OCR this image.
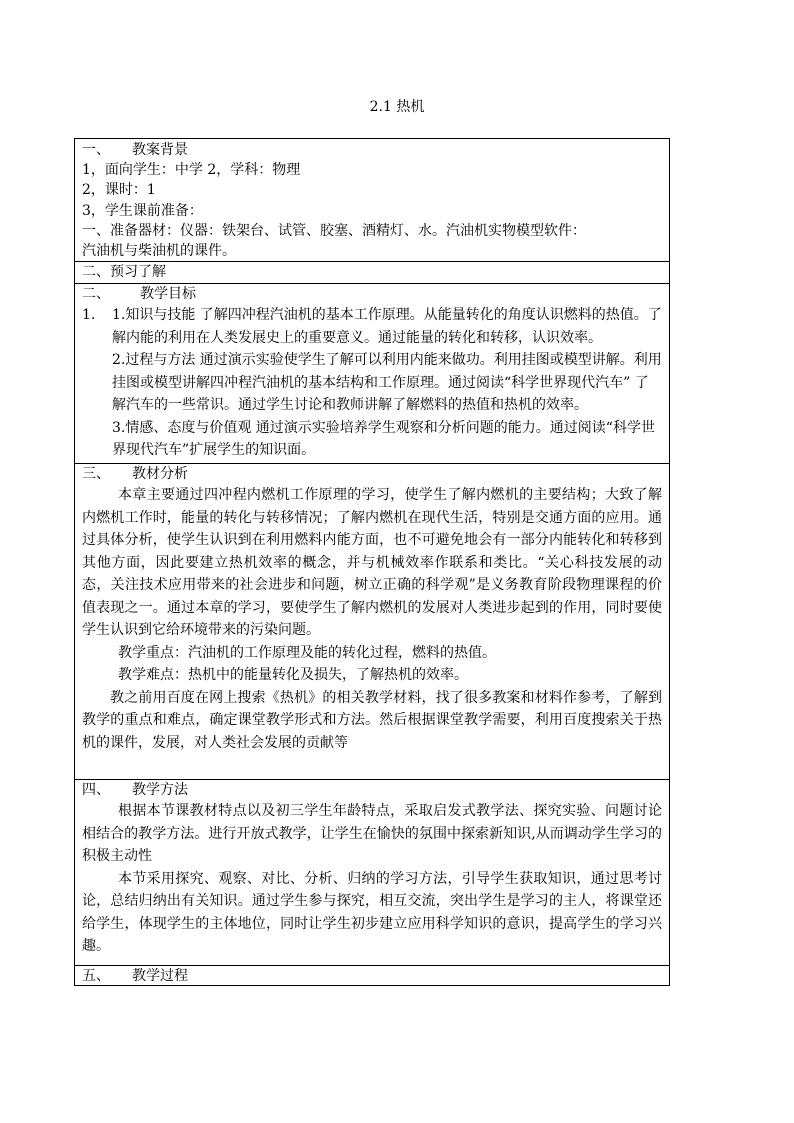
2.1 热机
一、 教案背景
1，面向学生：中学 2，学科：物理
2，课时：1
3，学生课前准备：
一、准备器材：仪器：铁架台、试管、胶塞、酒精灯、水。汽油机实物模型软件：
汽油机与柴油机的课件。
二、预习了解
二、 教学目标
1.	1.知识与技能 了解四冲程汽油机的基本工作原理。从能量转化的角度认识燃料的热值。了解内能的利用在人类发展史上的重要意义。通过能量的转化和转移，认识效率。
2.过程与方法 通过演示实验使学生了解可以利用内能来做功。利用挂图或模型讲解。利用挂图或模型讲解四冲程汽油机的基本结构和工作原理。通过阅读“科学世界现代汽车” 了解汽车的一些常识。通过学生讨论和教师讲解了解燃料的热值和热机的效率。
3.情感、态度与价值观 通过演示实验培养学生观察和分析问题的能力。通过阅读“科学世界现代汽车”扩展学生的知识面。
三、 教材分析
本章主要通过四冲程内燃机工作原理的学习，使学生了解内燃机的主要结构；大致了解内燃机工作时，能量的转化与转移情况；了解内燃机在现代生活，特别是交通方面的应用。通过具体分析，使学生认识到在利用燃料内能方面，也不可避免地会有一部分内能转化和转移到其他方面，因此要建立热机效率的概念，并与机械效率作联系和类比。“关心科技发展的动态，关注技术应用带来的社会进步和问题，树立正确的科学观”是义务教育阶段物理课程的价值表现之一。通过本章的学习，要使学生了解内燃机的发展对人类进步起到的作用，同时要使学生认识到它给环境带来的污染问题。
教学重点：汽油机的工作原理及能的转化过程，燃料的热值。
教学难点：热机中的能量转化及损失，了解热机的效率。
教之前用百度在网上搜索《热机》的相关教学材料，找了很多教案和材料作参考，了解到教学的重点和难点，确定课堂教学形式和方法。然后根据课堂教学需要，利用百度搜索关于热机的课件，发展，对人类社会发展的贡献等
四、 教学方法
根据本节课教材特点以及初三学生年龄特点，采取启发式教学法、探究实验、问题讨论相结合的教学方法。进行开放式教学，让学生在愉快的氛围中探索新知识,从而调动学生学习的积极主动性
本节采用探究、观察、对比、分析、归纳的学习方法，引导学生获取知识，通过思考讨论，总结归纳出有关知识。通过学生参与探究，相互交流，突出学生是学习的主人，将课堂还给学生，体现学生的主体地位，同时让学生初步建立应用科学知识的意识，提高学生的学习兴趣。
五、 教学过程
